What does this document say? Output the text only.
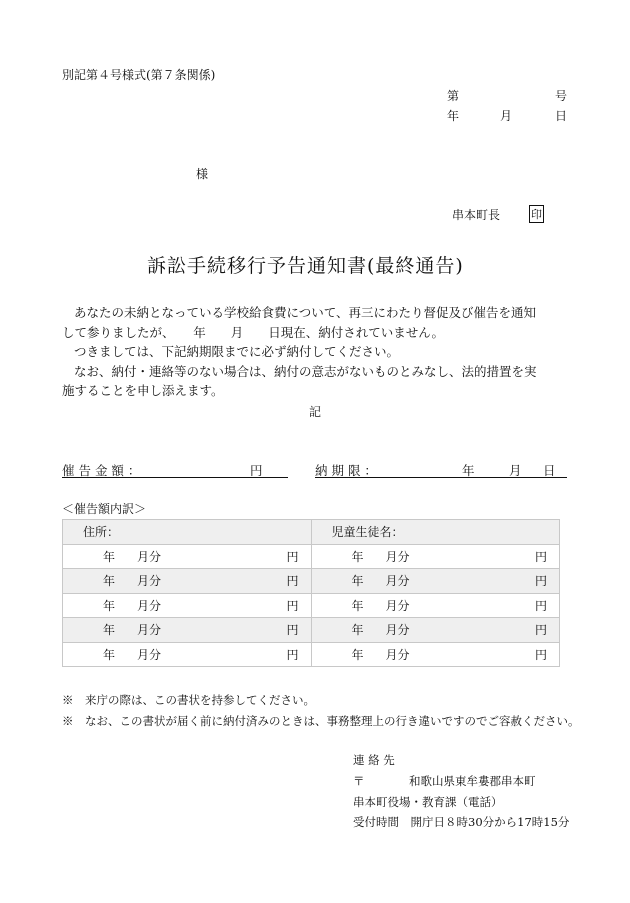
別記第４号様式(第７条関係)
第	号
年	月	日
様
串本町長	印
訴訟手続移行予告通知書(最終通告)

あなたの未納となっている学校給食費について、再三にわたり督促及び催告を通知

して参りましたが、　　年　　月　　日現在、納付されていません。

つきましては、下記納期限までに必ず納付してください。

なお、納付・連絡等のない場合は、納付の意志がないものとみなし、法的措置を実

施することを申し添えます。

記
催 告 金 額 ：	円	納 期 限 ：	年	月 日
＜催告額内訳＞
住所：	児童生徒名：

年 月分 円	年 月分 円

年 月分 円	年 月分 円

年 月分 円	年 月分 円

年 月分 円	年 月分 円

年 月分 円	年 月分 円
※　来庁の際は、この書状を持参してください。
※　なお、この書状が届く前に納付済みのときは、事務整理上の行き違いですのでご容赦ください。
連 絡 先
〒	和歌山県東牟婁郡串本町
串本町役場・教育課（電話）
受付時間　開庁日８時30分から17時15分
